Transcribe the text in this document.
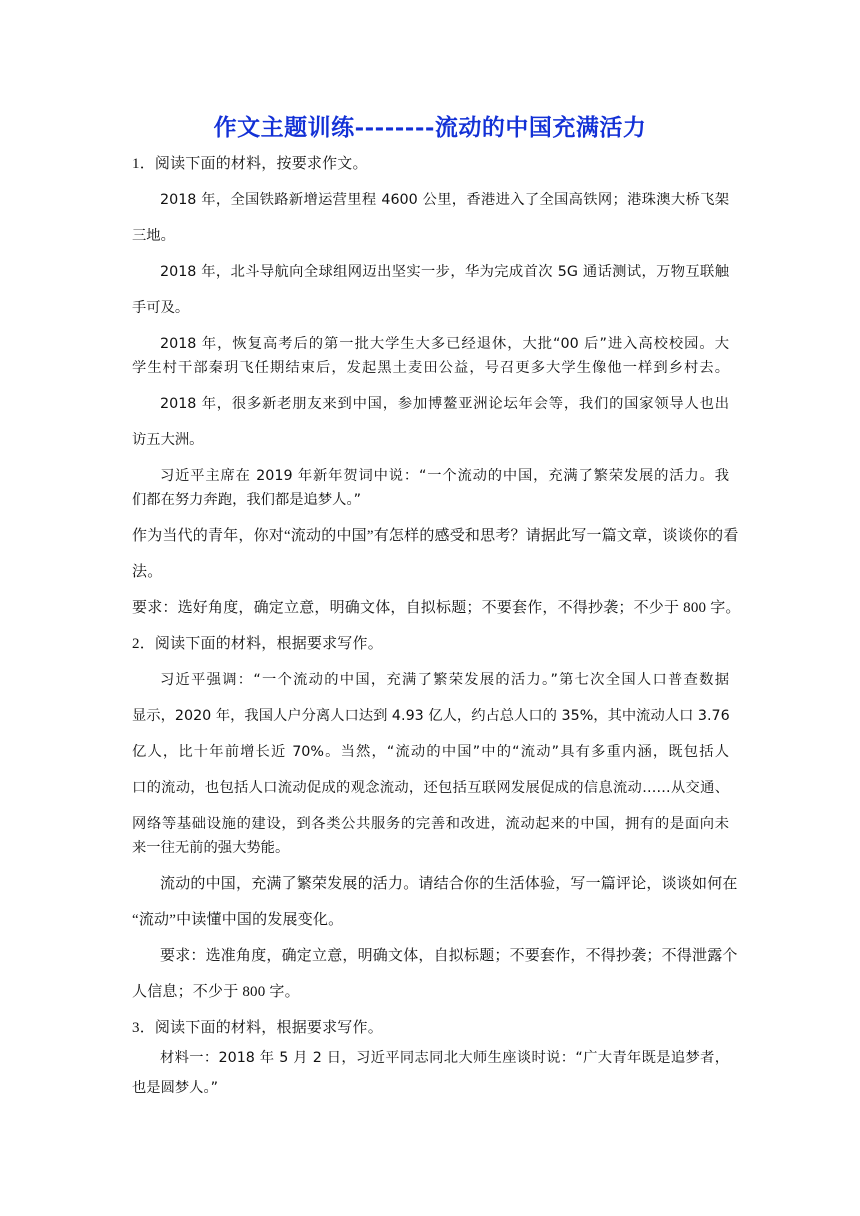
作文主题训练--------流动的中国充满活力
1．阅读下面的材料，按要求作文。
2018 年，全国铁路新增运营里程 4600 公里，香港进入了全国高铁网；港珠澳大桥飞架
三地。
2018 年，北斗导航向全球组网迈出坚实一步，华为完成首次 5G 通话测试，万物互联触
手可及。
2018 年，恢复高考后的第一批大学生大多已经退休，大批“00 后”进入高校校园。大
学生村干部秦玥飞任期结束后，发起黑土麦田公益，号召更多大学生像他一样到乡村去。
2018 年，很多新老朋友来到中国，参加博鳌亚洲论坛年会等，我们的国家领导人也出
访五大洲。
习近平主席在 2019 年新年贺词中说：“一个流动的中国，充满了繁荣发展的活力。我
们都在努力奔跑，我们都是追梦人。”
作为当代的青年，你对“流动的中国”有怎样的感受和思考？请据此写一篇文章，谈谈你的看
法。
要求：选好角度，确定立意，明确文体，自拟标题；不要套作，不得抄袭；不少于 800 字。
2．阅读下面的材料，根据要求写作。
习近平强调：“一个流动的中国，充满了繁荣发展的活力。”第七次全国人口普查数据
显示，2020 年，我国人户分离人口达到 4.93 亿人，约占总人口的 35%，其中流动人口 3.76
亿人，比十年前增长近 70%。当然，“流动的中国”中的“流动”具有多重内涵，既包括人
口的流动，也包括人口流动促成的观念流动，还包括互联网发展促成的信息流动……从交通、
网络等基础设施的建设，到各类公共服务的完善和改进，流动起来的中国，拥有的是面向未
来一往无前的强大势能。
流动的中国，充满了繁荣发展的活力。请结合你的生活体验，写一篇评论，谈谈如何在
“流动”中读懂中国的发展变化。
要求：选准角度，确定立意，明确文体，自拟标题；不要套作，不得抄袭；不得泄露个
人信息；不少于 800 字。
3．阅读下面的材料，根据要求写作。
材料一：2018 年 5 月 2 日，习近平同志同北大师生座谈时说：“广大青年既是追梦者，
也是圆梦人。”
